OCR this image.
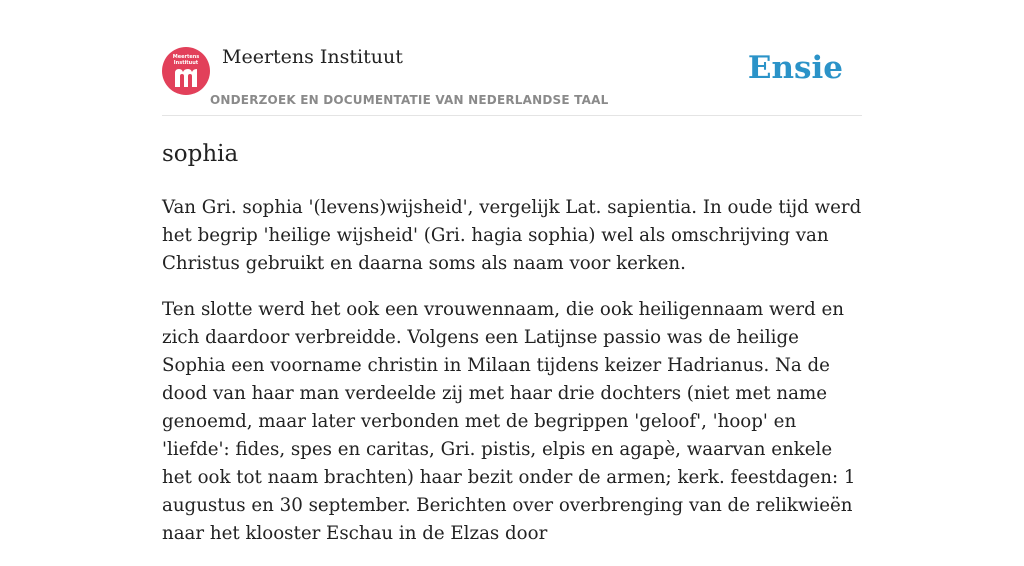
Meertens Instituut	Meertens Instituut
ONDERZOEK EN DOCUMENTATIE VAN NEDERLANDSE TAAL
Ensie
sophia

Van Gri. sophia '(levens)wijsheid', vergelijk Lat. sapientia. In oude tijd werd het begrip 'heilige wijsheid' (Gri. hagia sophia) wel als omschrijving van Christus gebruikt en daarna soms als naam voor kerken.

Ten slotte werd het ook een vrouwennaam, die ook heiligennaam werd en zich daardoor verbreidde. Volgens een Latijnse passio was de heilige Sophia een voorname christin in Milaan tijdens keizer Hadrianus. Na de dood van haar man verdeelde zij met haar drie dochters (niet met name genoemd, maar later verbonden met de begrippen 'geloof', 'hoop' en 'liefde': fides, spes en caritas, Gri. pistis, elpis en agapè, waarvan enkele het ook tot naam brachten) haar bezit onder de armen; kerk. feestdagen: 1 augustus en 30 september. Berichten over overbrenging van de relikwieën naar het klooster Eschau in de Elzas door
